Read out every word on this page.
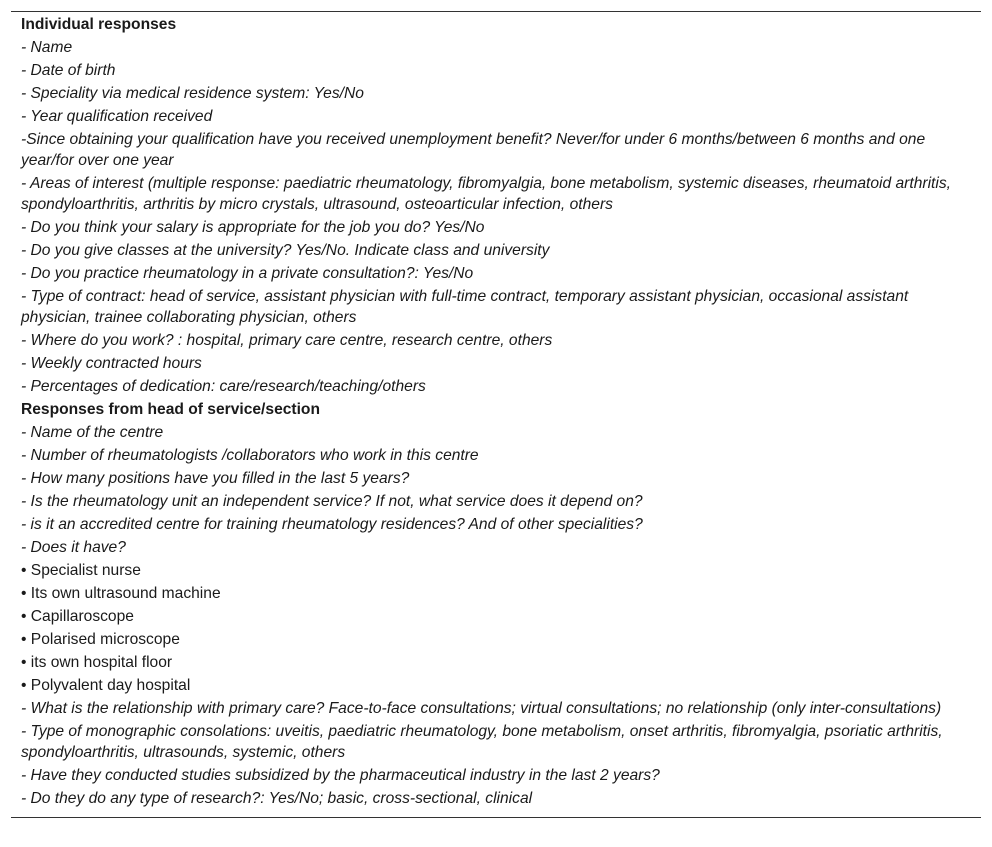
Individual responses
- Name
- Date of birth
- Speciality via medical residence system: Yes/No
- Year qualification received
-Since obtaining your qualification have you received unemployment benefit? Never/for under 6 months/between 6 months and one year/for over one year
- Areas of interest (multiple response: paediatric rheumatology, fibromyalgia, bone metabolism, systemic diseases, rheumatoid arthritis, spondyloarthritis, arthritis by micro crystals, ultrasound, osteoarticular infection, others
- Do you think your salary is appropriate for the job you do? Yes/No
- Do you give classes at the university? Yes/No. Indicate class and university
- Do you practice rheumatology in a private consultation?: Yes/No
- Type of contract: head of service, assistant physician with full-time contract, temporary assistant physician, occasional assistant physician, trainee collaborating physician, others
- Where do you work? : hospital, primary care centre, research centre, others
- Weekly contracted hours
- Percentages of dedication: care/research/teaching/others
Responses from head of service/section
- Name of the centre
- Number of rheumatologists /collaborators who work in this centre
- How many positions have you filled in the last 5 years?
- Is the rheumatology unit an independent service? If not, what service does it depend on?
- is it an accredited centre for training rheumatology residences? And of other specialities?
- Does it have?
• Specialist nurse
• Its own ultrasound machine
• Capillaroscope
• Polarised microscope
• its own hospital floor
• Polyvalent day hospital
- What is the relationship with primary care? Face-to-face consultations; virtual consultations; no relationship (only inter-consultations)
- Type of monographic consolations: uveitis, paediatric rheumatology, bone metabolism, onset arthritis, fibromyalgia, psoriatic arthritis, spondyloarthritis, ultrasounds, systemic, others
- Have they conducted studies subsidized by the pharmaceutical industry in the last 2 years?
- Do they do any type of research?: Yes/No; basic, cross-sectional, clinical
